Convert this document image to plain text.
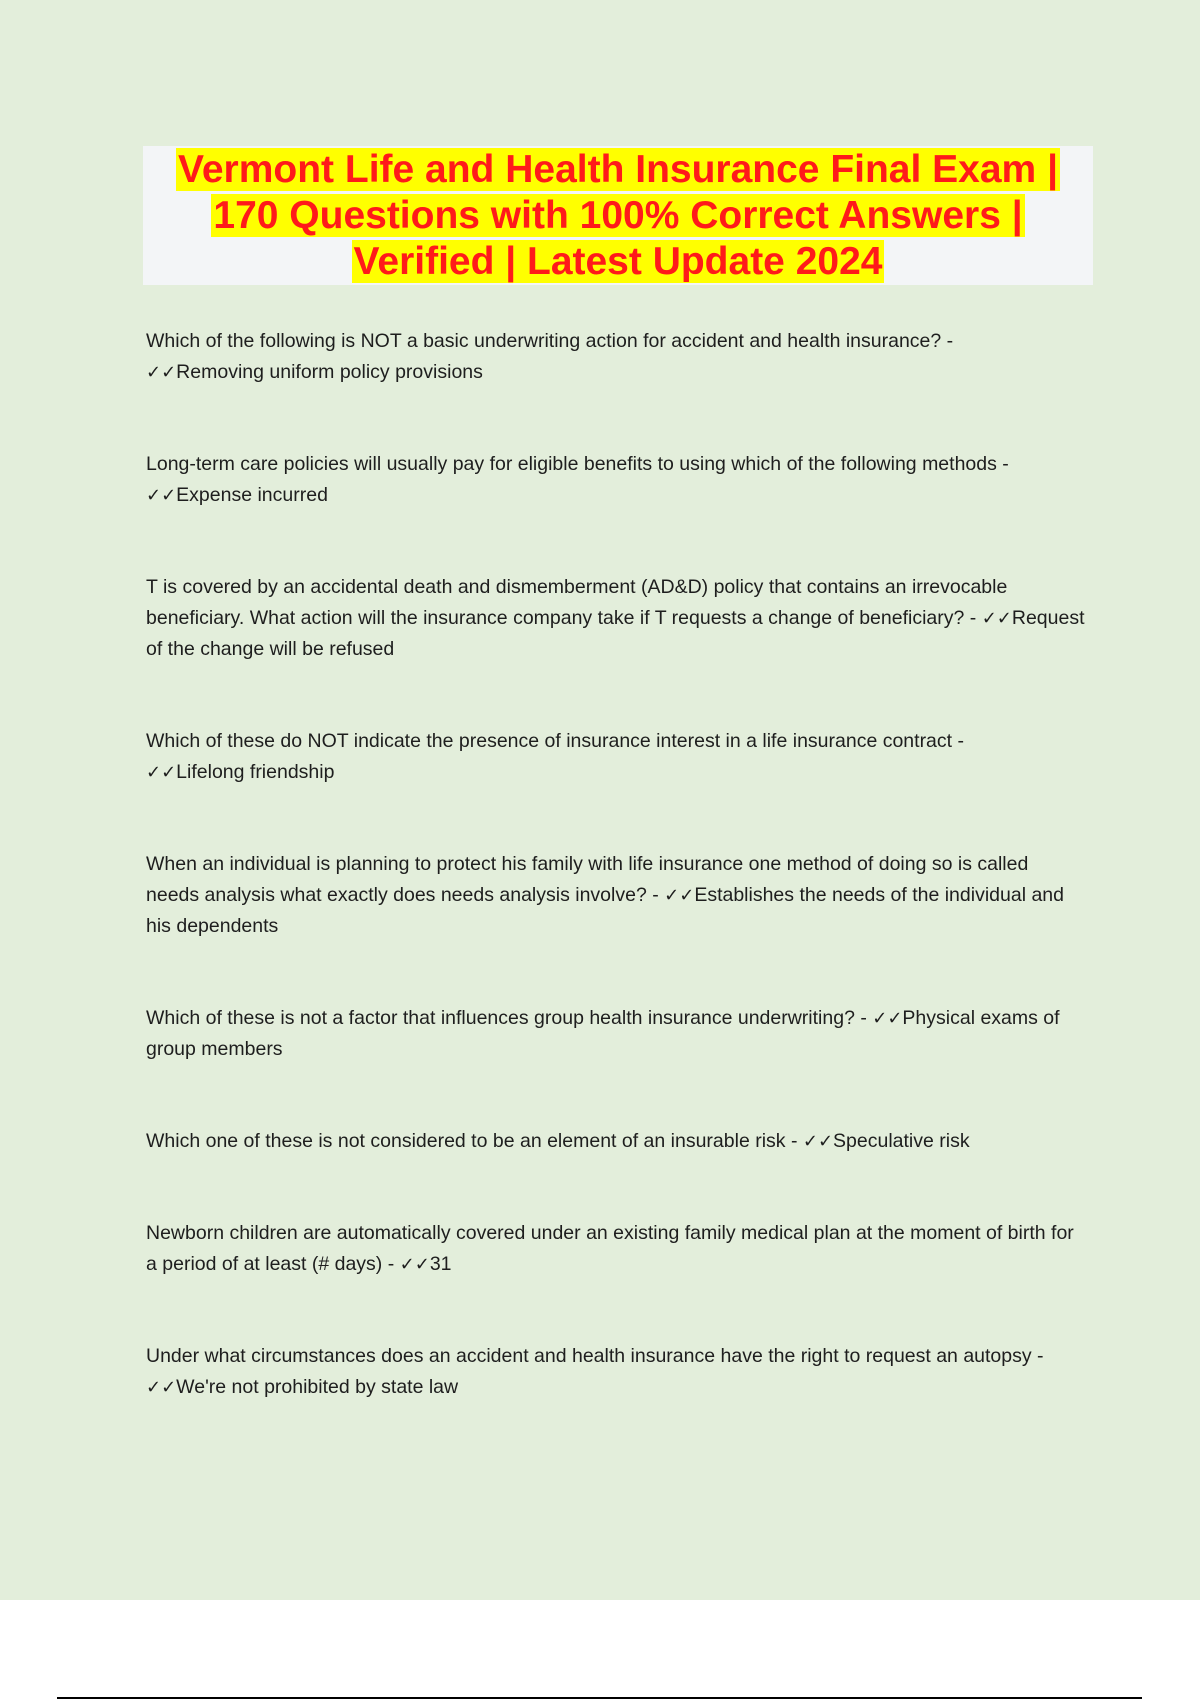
Vermont Life and Health Insurance Final Exam |
170 Questions with 100% Correct Answers |
Verified | Latest Update 2024

Which of the following is NOT a basic underwriting action for accident and health insurance? -
✓✓Removing uniform policy provisions

Long-term care policies will usually pay for eligible benefits to using which of the following methods -
✓✓Expense incurred

T is covered by an accidental death and dismemberment (AD&D) policy that contains an irrevocable beneficiary. What action will the insurance company take if T requests a change of beneficiary? - ✓✓Request of the change will be refused

Which of these do NOT indicate the presence of insurance interest in a life insurance contract -
✓✓Lifelong friendship

When an individual is planning to protect his family with life insurance one method of doing so is called needs analysis what exactly does needs analysis involve? - ✓✓Establishes the needs of the individual and his dependents

Which of these is not a factor that influences group health insurance underwriting? - ✓✓Physical exams of group members

Which one of these is not considered to be an element of an insurable risk - ✓✓Speculative risk

Newborn children are automatically covered under an existing family medical plan at the moment of birth for a period of at least (# days) - ✓✓31

Under what circumstances does an accident and health insurance have the right to request an autopsy -
✓✓We're not prohibited by state law
